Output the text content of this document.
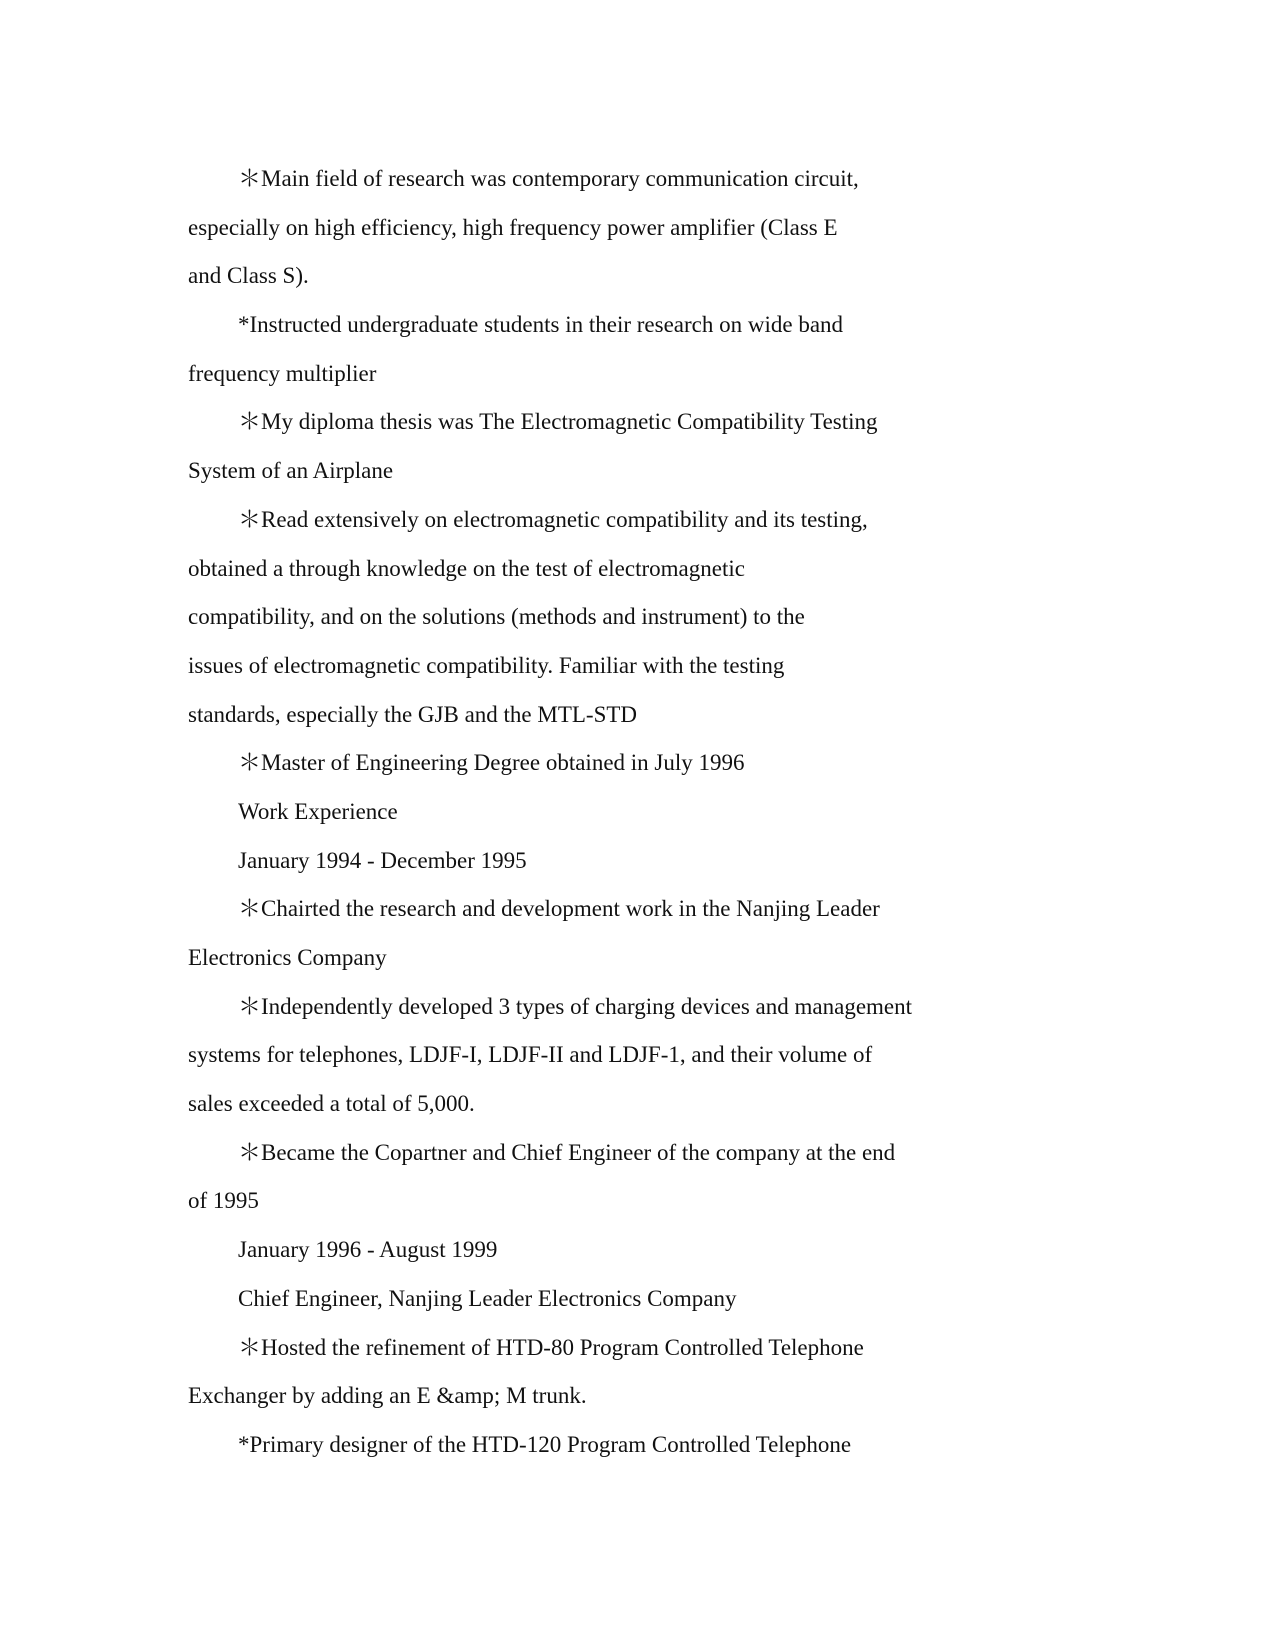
＊Main field of research was contemporary communication circuit,
especially on high efficiency, high frequency power amplifier (Class E
and Class S).
*Instructed undergraduate students in their research on wide band
frequency multiplier
＊My diploma thesis was The Electromagnetic Compatibility Testing
System of an Airplane
＊Read extensively on electromagnetic compatibility and its testing,
obtained a through knowledge on the test of electromagnetic
compatibility, and on the solutions (methods and instrument) to the
issues of electromagnetic compatibility. Familiar with the testing
standards, especially the GJB and the MTL-STD
＊Master of Engineering Degree obtained in July 1996
Work Experience
January 1994 - December 1995
＊Chairted the research and development work in the Nanjing Leader
Electronics Company
＊Independently developed 3 types of charging devices and management
systems for telephones, LDJF-I, LDJF-II and LDJF-1, and their volume of
sales exceeded a total of 5,000.
＊Became the Copartner and Chief Engineer of the company at the end
of 1995
January 1996 - August 1999
Chief Engineer, Nanjing Leader Electronics Company
＊Hosted the refinement of HTD-80 Program Controlled Telephone
Exchanger by adding an E &amp; M trunk.
*Primary designer of the HTD-120 Program Controlled Telephone
